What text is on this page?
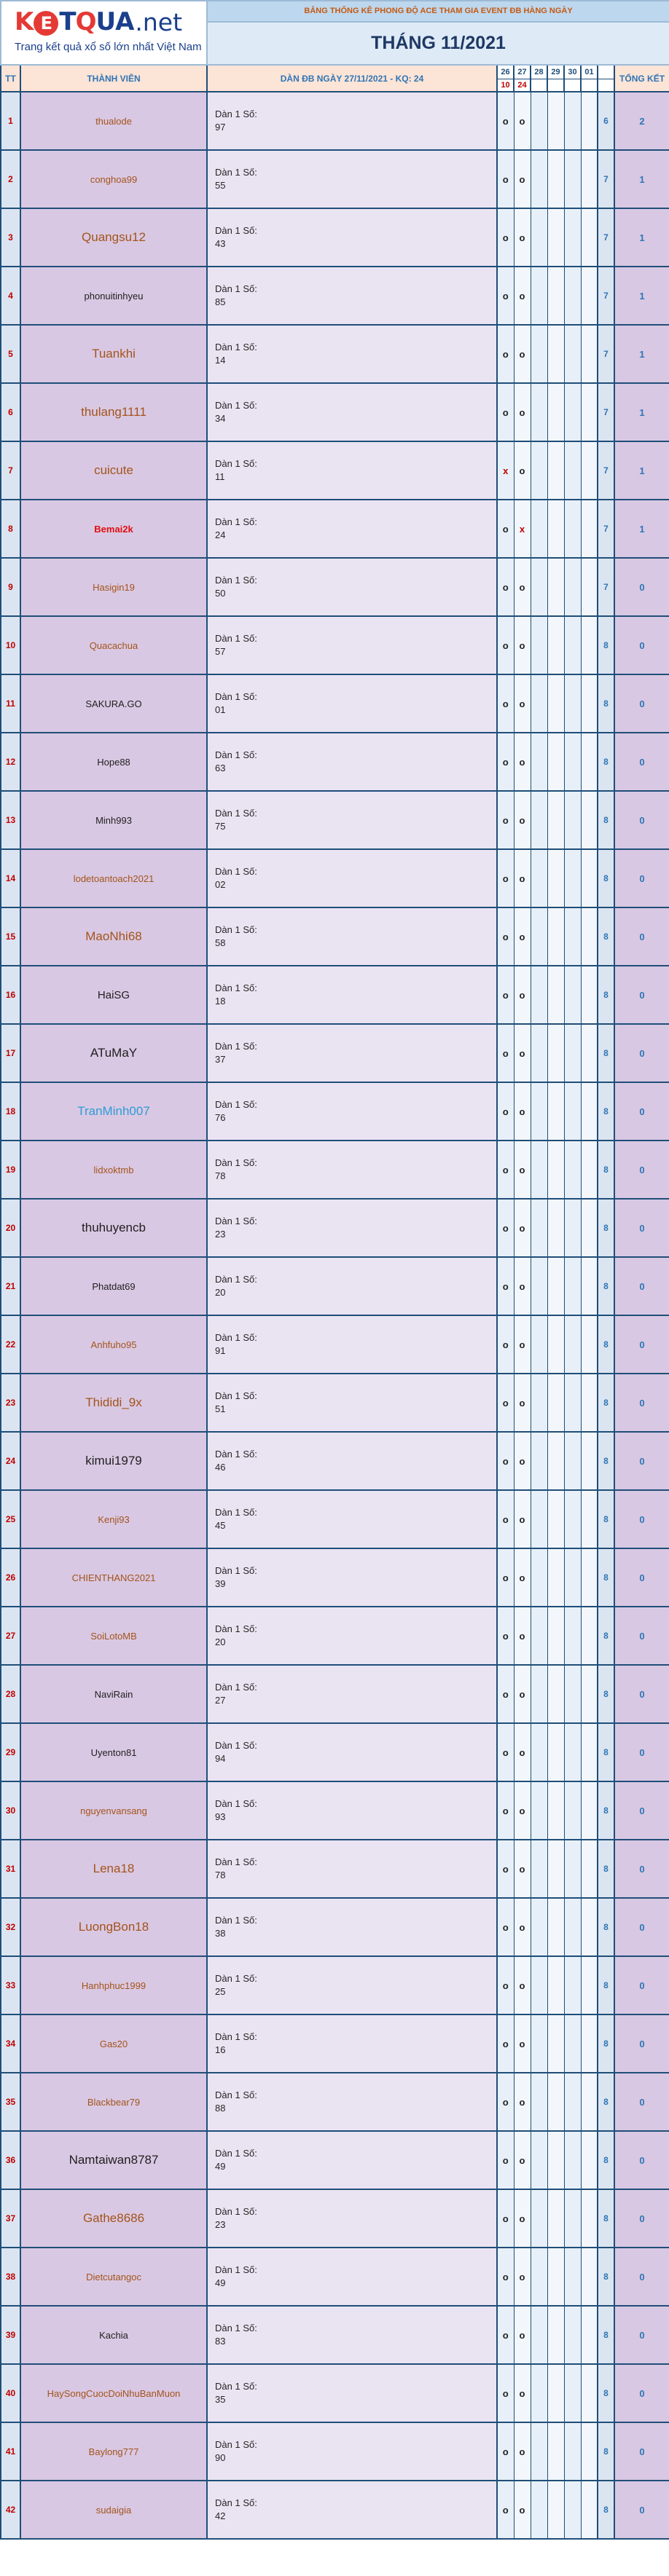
K E TQUA .net
Trang kết quả xổ số lớn nhất Việt Nam		BẢNG THỐNG KÊ PHONG ĐỘ ACE THAM GIA EVENT ĐB HÀNG NGÀY								
		THÁNG 11/2021								
TT	THÀNH VIÊN	DÀN ĐB NGÀY 27/11/2021 - KQ: 24	26	27	28	29	30	01		TỔNG KẾT
			10	24						
1	thualode	Dàn 1 Số:
97	o	o					6	2
2	conghoa99	Dàn 1 Số:
55	o	o					7	1
3	Quangsu12	Dàn 1 Số:
43	o	o					7	1
4	phonuitinhyeu	Dàn 1 Số:
85	o	o					7	1
5	Tuankhi	Dàn 1 Số:
14	o	o					7	1
6	thulang1111	Dàn 1 Số:
34	o	o					7	1
7	cuicute	Dàn 1 Số:
11	x	o					7	1
8	Bemai2k	Dàn 1 Số:
24	o	x					7	1
9	Hasigin19	Dàn 1 Số:
50	o	o					7	0
10	Quacachua	Dàn 1 Số:
57	o	o					8	0
11	SAKURA.GO	Dàn 1 Số:
01	o	o					8	0
12	Hope88	Dàn 1 Số:
63	o	o					8	0
13	Minh993	Dàn 1 Số:
75	o	o					8	0
14	lodetoantoach2021	Dàn 1 Số:
02	o	o					8	0
15	MaoNhi68	Dàn 1 Số:
58	o	o					8	0
16	HaiSG	Dàn 1 Số:
18	o	o					8	0
17	ATuMaY	Dàn 1 Số:
37	o	o					8	0
18	TranMinh007	Dàn 1 Số:
76	o	o					8	0
19	lidxoktmb	Dàn 1 Số:
78	o	o					8	0
20	thuhuyencb	Dàn 1 Số:
23	o	o					8	0
21	Phatdat69	Dàn 1 Số:
20	o	o					8	0
22	Anhfuho95	Dàn 1 Số:
91	o	o					8	0
23	Thididi_9x	Dàn 1 Số:
51	o	o					8	0
24	kimui1979	Dàn 1 Số:
46	o	o					8	0
25	Kenji93	Dàn 1 Số:
45	o	o					8	0
26	CHIENTHANG2021	Dàn 1 Số:
39	o	o					8	0
27	SoiLotoMB	Dàn 1 Số:
20	o	o					8	0
28	NaviRain	Dàn 1 Số:
27	o	o					8	0
29	Uyenton81	Dàn 1 Số:
94	o	o					8	0
30	nguyenvansang	Dàn 1 Số:
93	o	o					8	0
31	Lena18	Dàn 1 Số:
78	o	o					8	0
32	LuongBon18	Dàn 1 Số:
38	o	o					8	0
33	Hanhphuc1999	Dàn 1 Số:
25	o	o					8	0
34	Gas20	Dàn 1 Số:
16	o	o					8	0
35	Blackbear79	Dàn 1 Số:
88	o	o					8	0
36	Namtaiwan8787	Dàn 1 Số:
49	o	o					8	0
37	Gathe8686	Dàn 1 Số:
23	o	o					8	0
38	Dietcutangoc	Dàn 1 Số:
49	o	o					8	0
39	Kachia	Dàn 1 Số:
83	o	o					8	0
40	HaySongCuocDoiNhuBanMuon	Dàn 1 Số:
35	o	o					8	0
41	Baylong777	Dàn 1 Số:
90	o	o					8	0
42	sudaigia	Dàn 1 Số:
42	o	o					8	0
